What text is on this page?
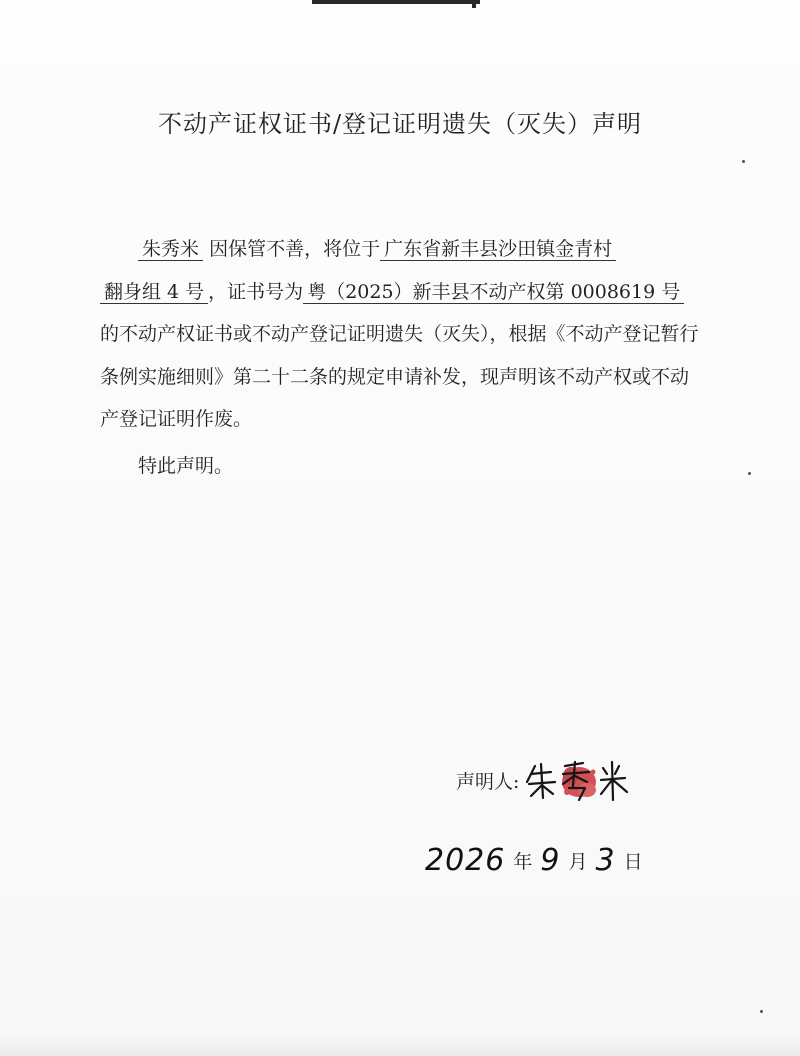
不动产证权证书/登记证明遗失（灭失）声明

朱秀米 因保管不善，将位于 广东省新丰县沙田镇金青村
翻身组 4 号 ，证书号为 粤（2025）新丰县不动产权第 0008619 号
的不动产权证书或不动产登记证明遗失（灭失），根据《不动产登记暂行条例实施细则》第二十二条的规定申请补发，现声明该不动产权或不动产登记证明作废。

特此声明。

声明人:
2026 年 9 月 3 日
